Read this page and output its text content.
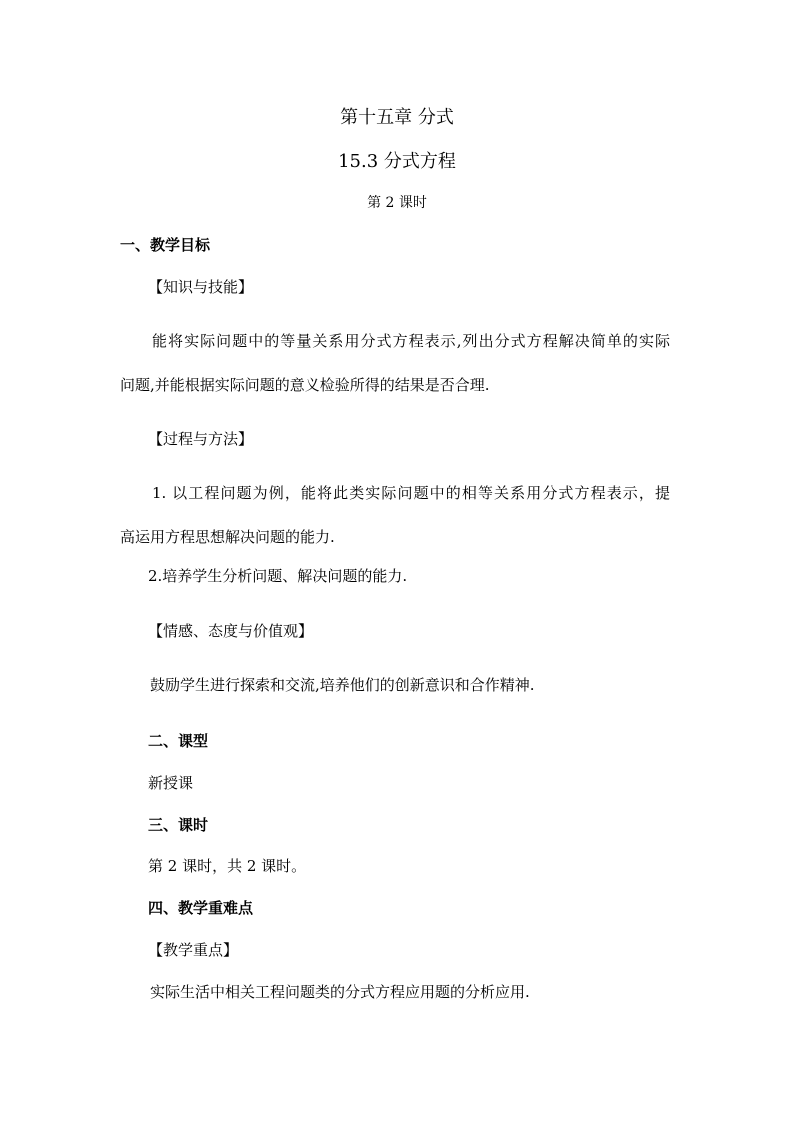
第十五章 分式
15.3 分式方程
第 2 课时
一、教学目标
【知识与技能】
能将实际问题中的等量关系用分式方程表示,列出分式方程解决简单的实际
问题,并能根据实际问题的意义检验所得的结果是否合理.
【过程与方法】
1. 以工程问题为例，能将此类实际问题中的相等关系用分式方程表示，提
高运用方程思想解决问题的能力.
2.培养学生分析问题、解决问题的能力.
【情感、态度与价值观】
鼓励学生进行探索和交流,培养他们的创新意识和合作精神.
二、课型
新授课
三、课时
第 2 课时，共 2 课时。
四、教学重难点
【教学重点】
实际生活中相关工程问题类的分式方程应用题的分析应用.
